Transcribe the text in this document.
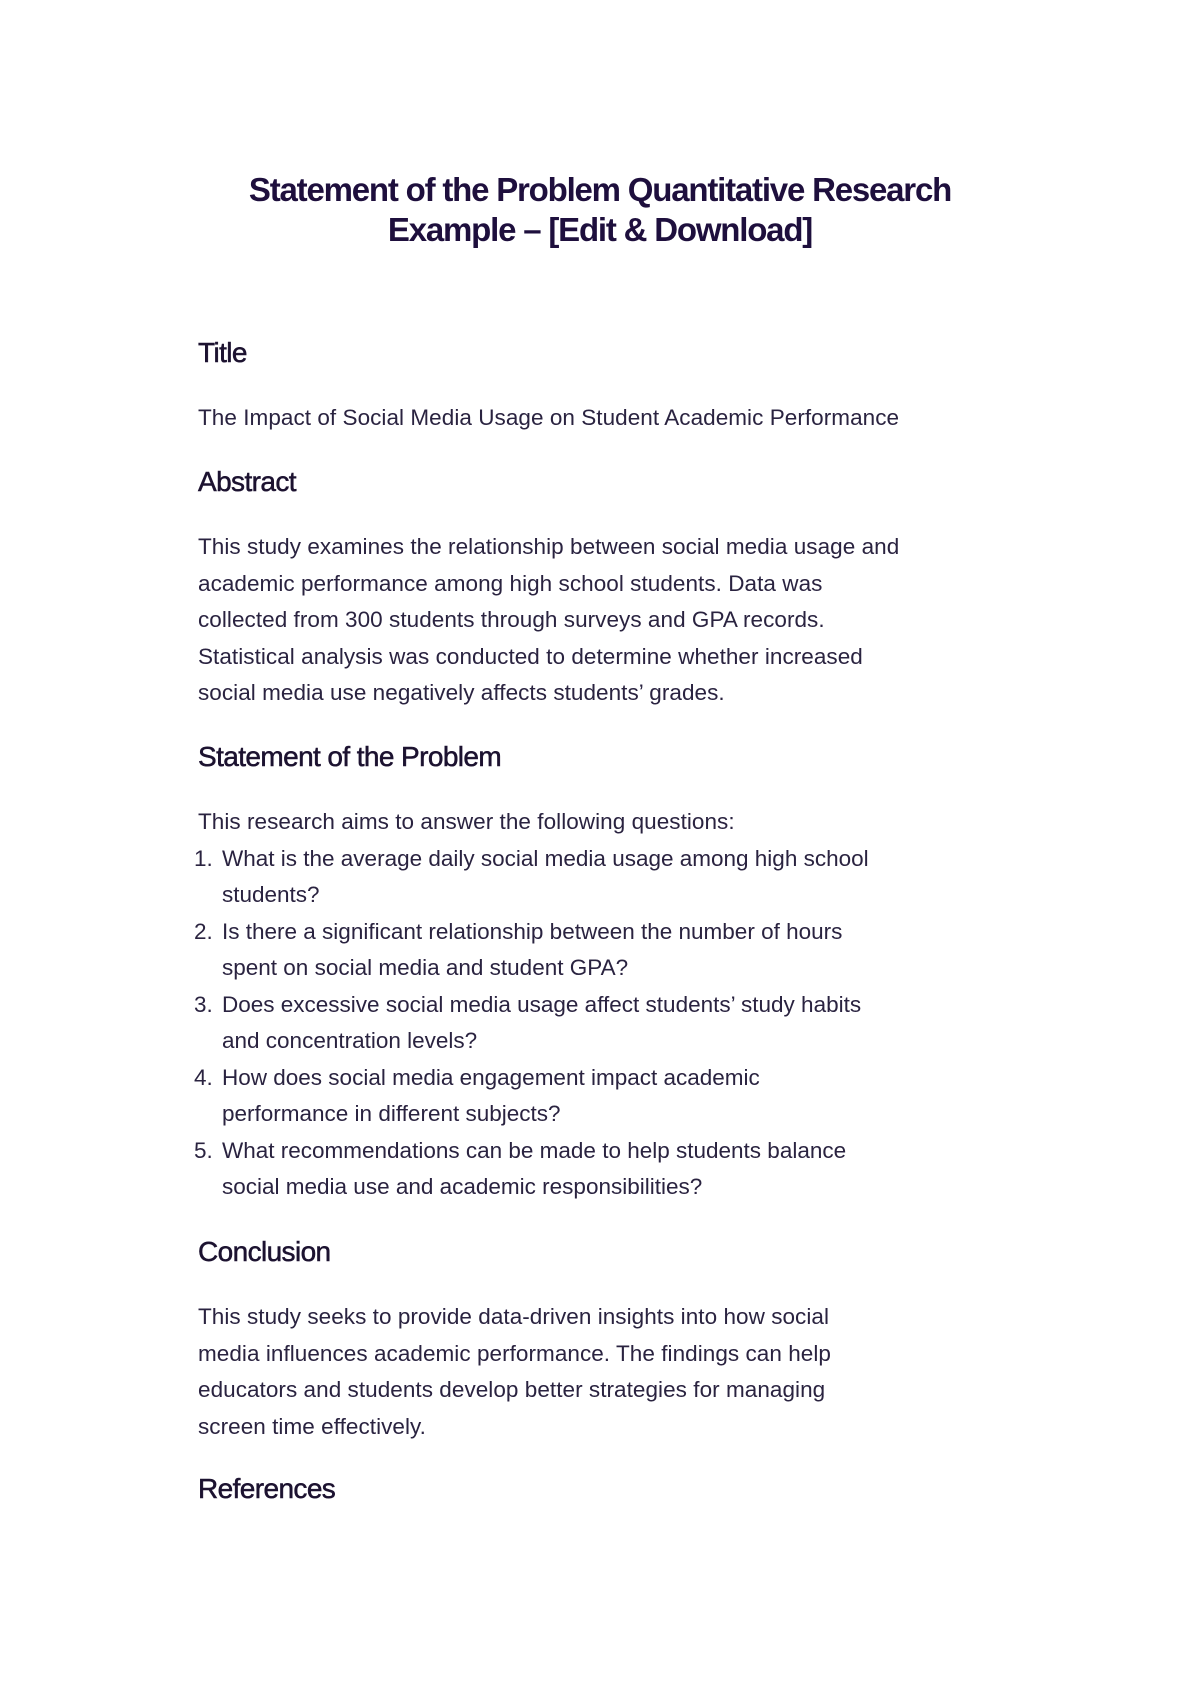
Statement of the Problem Quantitative Research
Example – [Edit & Download]
Title

The Impact of Social Media Usage on Student Academic Performance

Abstract

This study examines the relationship between social media usage and
academic performance among high school students. Data was
collected from 300 students through surveys and GPA records.
Statistical analysis was conducted to determine whether increased
social media use negatively affects students’ grades.

Statement of the Problem

This research aims to answer the following questions:

1. What is the average daily social media usage among high school
students?
2. Is there a significant relationship between the number of hours
spent on social media and student GPA?
3. Does excessive social media usage affect students’ study habits
and concentration levels?
4. How does social media engagement impact academic
performance in different subjects?
5. What recommendations can be made to help students balance
social media use and academic responsibilities?
Conclusion

This study seeks to provide data-driven insights into how social
media influences academic performance. The findings can help
educators and students develop better strategies for managing
screen time effectively.

References
